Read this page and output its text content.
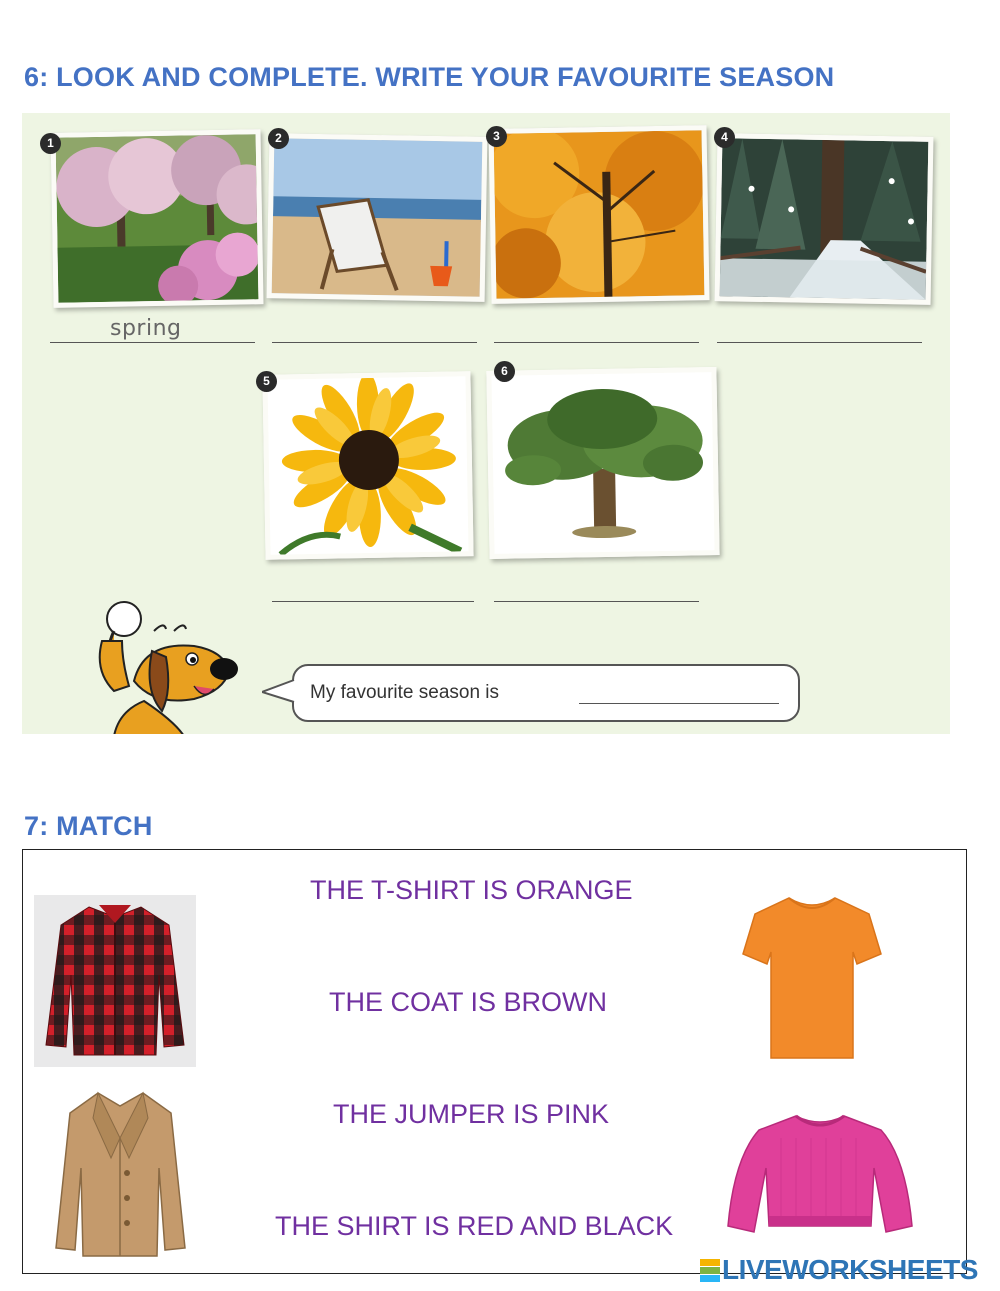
6: LOOK AND COMPLETE. WRITE YOUR FAVOURITE SEASON
1	2	3	4
spring
5
6
My favourite season is
7: MATCH
THE T-SHIRT IS ORANGE
THE COAT IS BROWN
THE JUMPER IS PINK
THE SHIRT IS RED AND BLACK
LIVEWORKSHEETS
